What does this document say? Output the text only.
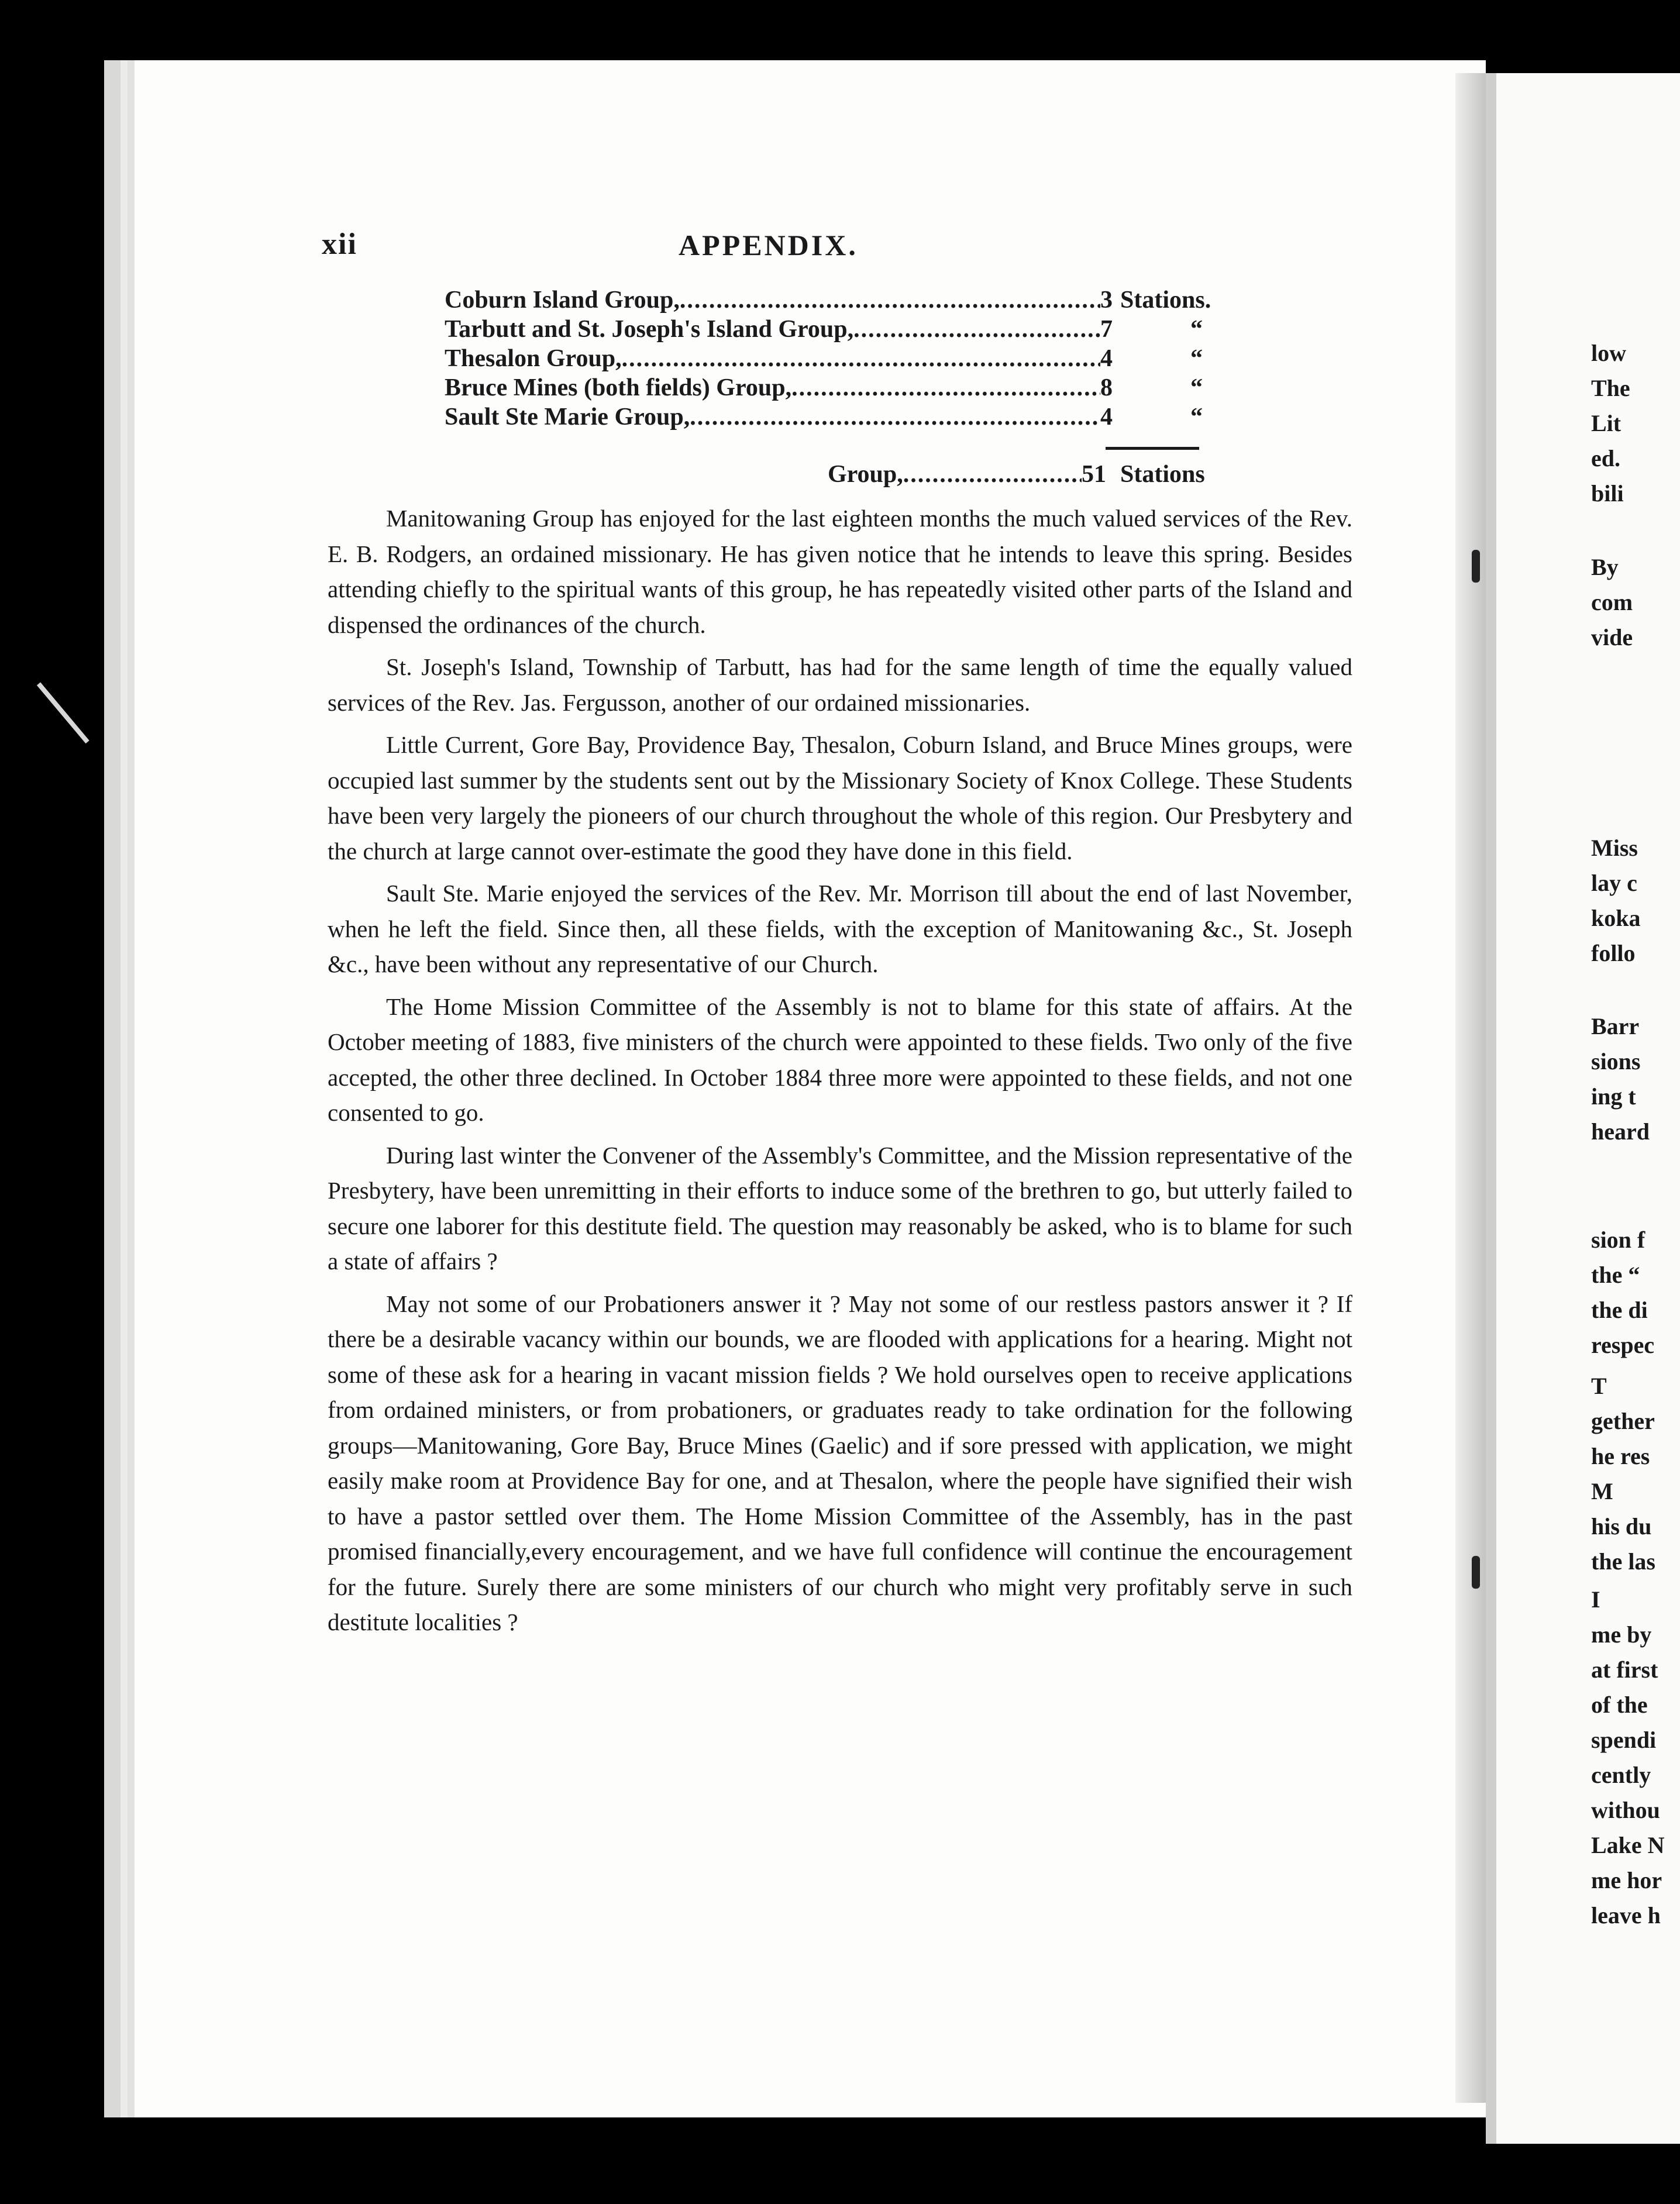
xii	APPENDIX.
Coburn Island Group, .....	3 Stations.
Tarbutt and St. Joseph's Island Group, .....	7	“
Thesalon Group, .....	4	“
Bruce Mines (both fields) Group, .....	8	“
Sault Ste Marie Group, .....	4	“
Group, .....	51 Stations

Manitowaning Group has enjoyed for the last eighteen months the much valued services of the Rev. E. B. Rodgers, an ordained missionary. He has given notice that he intends to leave this spring. Besides attending chiefly to the spiritual wants of this group, he has repeatedly visited other parts of the Island and dispensed the ordinances of the church.

St. Joseph's Island, Township of Tarbutt, has had for the same length of time the equally valued services of the Rev. Jas. Fergusson, another of our ordained missionaries.

Little Current, Gore Bay, Providence Bay, Thesalon, Coburn Island, and Bruce Mines groups, were occupied last summer by the students sent out by the Missionary Society of Knox College. These Students have been very largely the pioneers of our church throughout the whole of this region. Our Presbytery and the church at large cannot over-estimate the good they have done in this field.

Sault Ste. Marie enjoyed the services of the Rev. Mr. Morrison till about the end of last November, when he left the field. Since then, all these fields, with the exception of Manitowaning &c., St. Joseph &c., have been without any representative of our Church.

The Home Mission Committee of the Assembly is not to blame for this state of affairs. At the October meeting of 1883, five ministers of the church were appointed to these fields. Two only of the five accepted, the other three declined. In October 1884 three more were appointed to these fields, and not one consented to go.

During last winter the Convener of the Assembly's Committee, and the Mission representative of the Presbytery, have been unremitting in their efforts to induce some of the brethren to go, but utterly failed to secure one laborer for this destitute field. The question may reasonably be asked, who is to blame for such a state of affairs ?

May not some of our Probationers answer it ? May not some of our restless pastors answer it ? If there be a desirable vacancy within our bounds, we are flooded with applications for a hearing. Might not some of these ask for a hearing in vacant mission fields ? We hold ourselves open to receive applications from ordained ministers, or from probationers, or graduates ready to take ordination for the following groups—Manitowaning, Gore Bay, Bruce Mines (Gaelic) and if sore pressed with application, we might easily make room at Providence Bay for one, and at Thesalon, where the people have signified their wish to have a pastor settled over them. The Home Mission Committee of the Assembly, has in the past promised financially,every encouragement, and we have full confidence will continue the encouragement for the future. Surely there are some ministers of our church who might very profitably serve in such destitute localities ?

low
The
Lit
ed.
bili
By
com
vide
Miss
lay c
koka
follo
Barr
sions
ing t
heard
sion f
the “
the di
respec
T
gether
he res
M
his du
the las
I
me by
at first
of the
spendi
cently
withou
Lake N
me hor
leave h
